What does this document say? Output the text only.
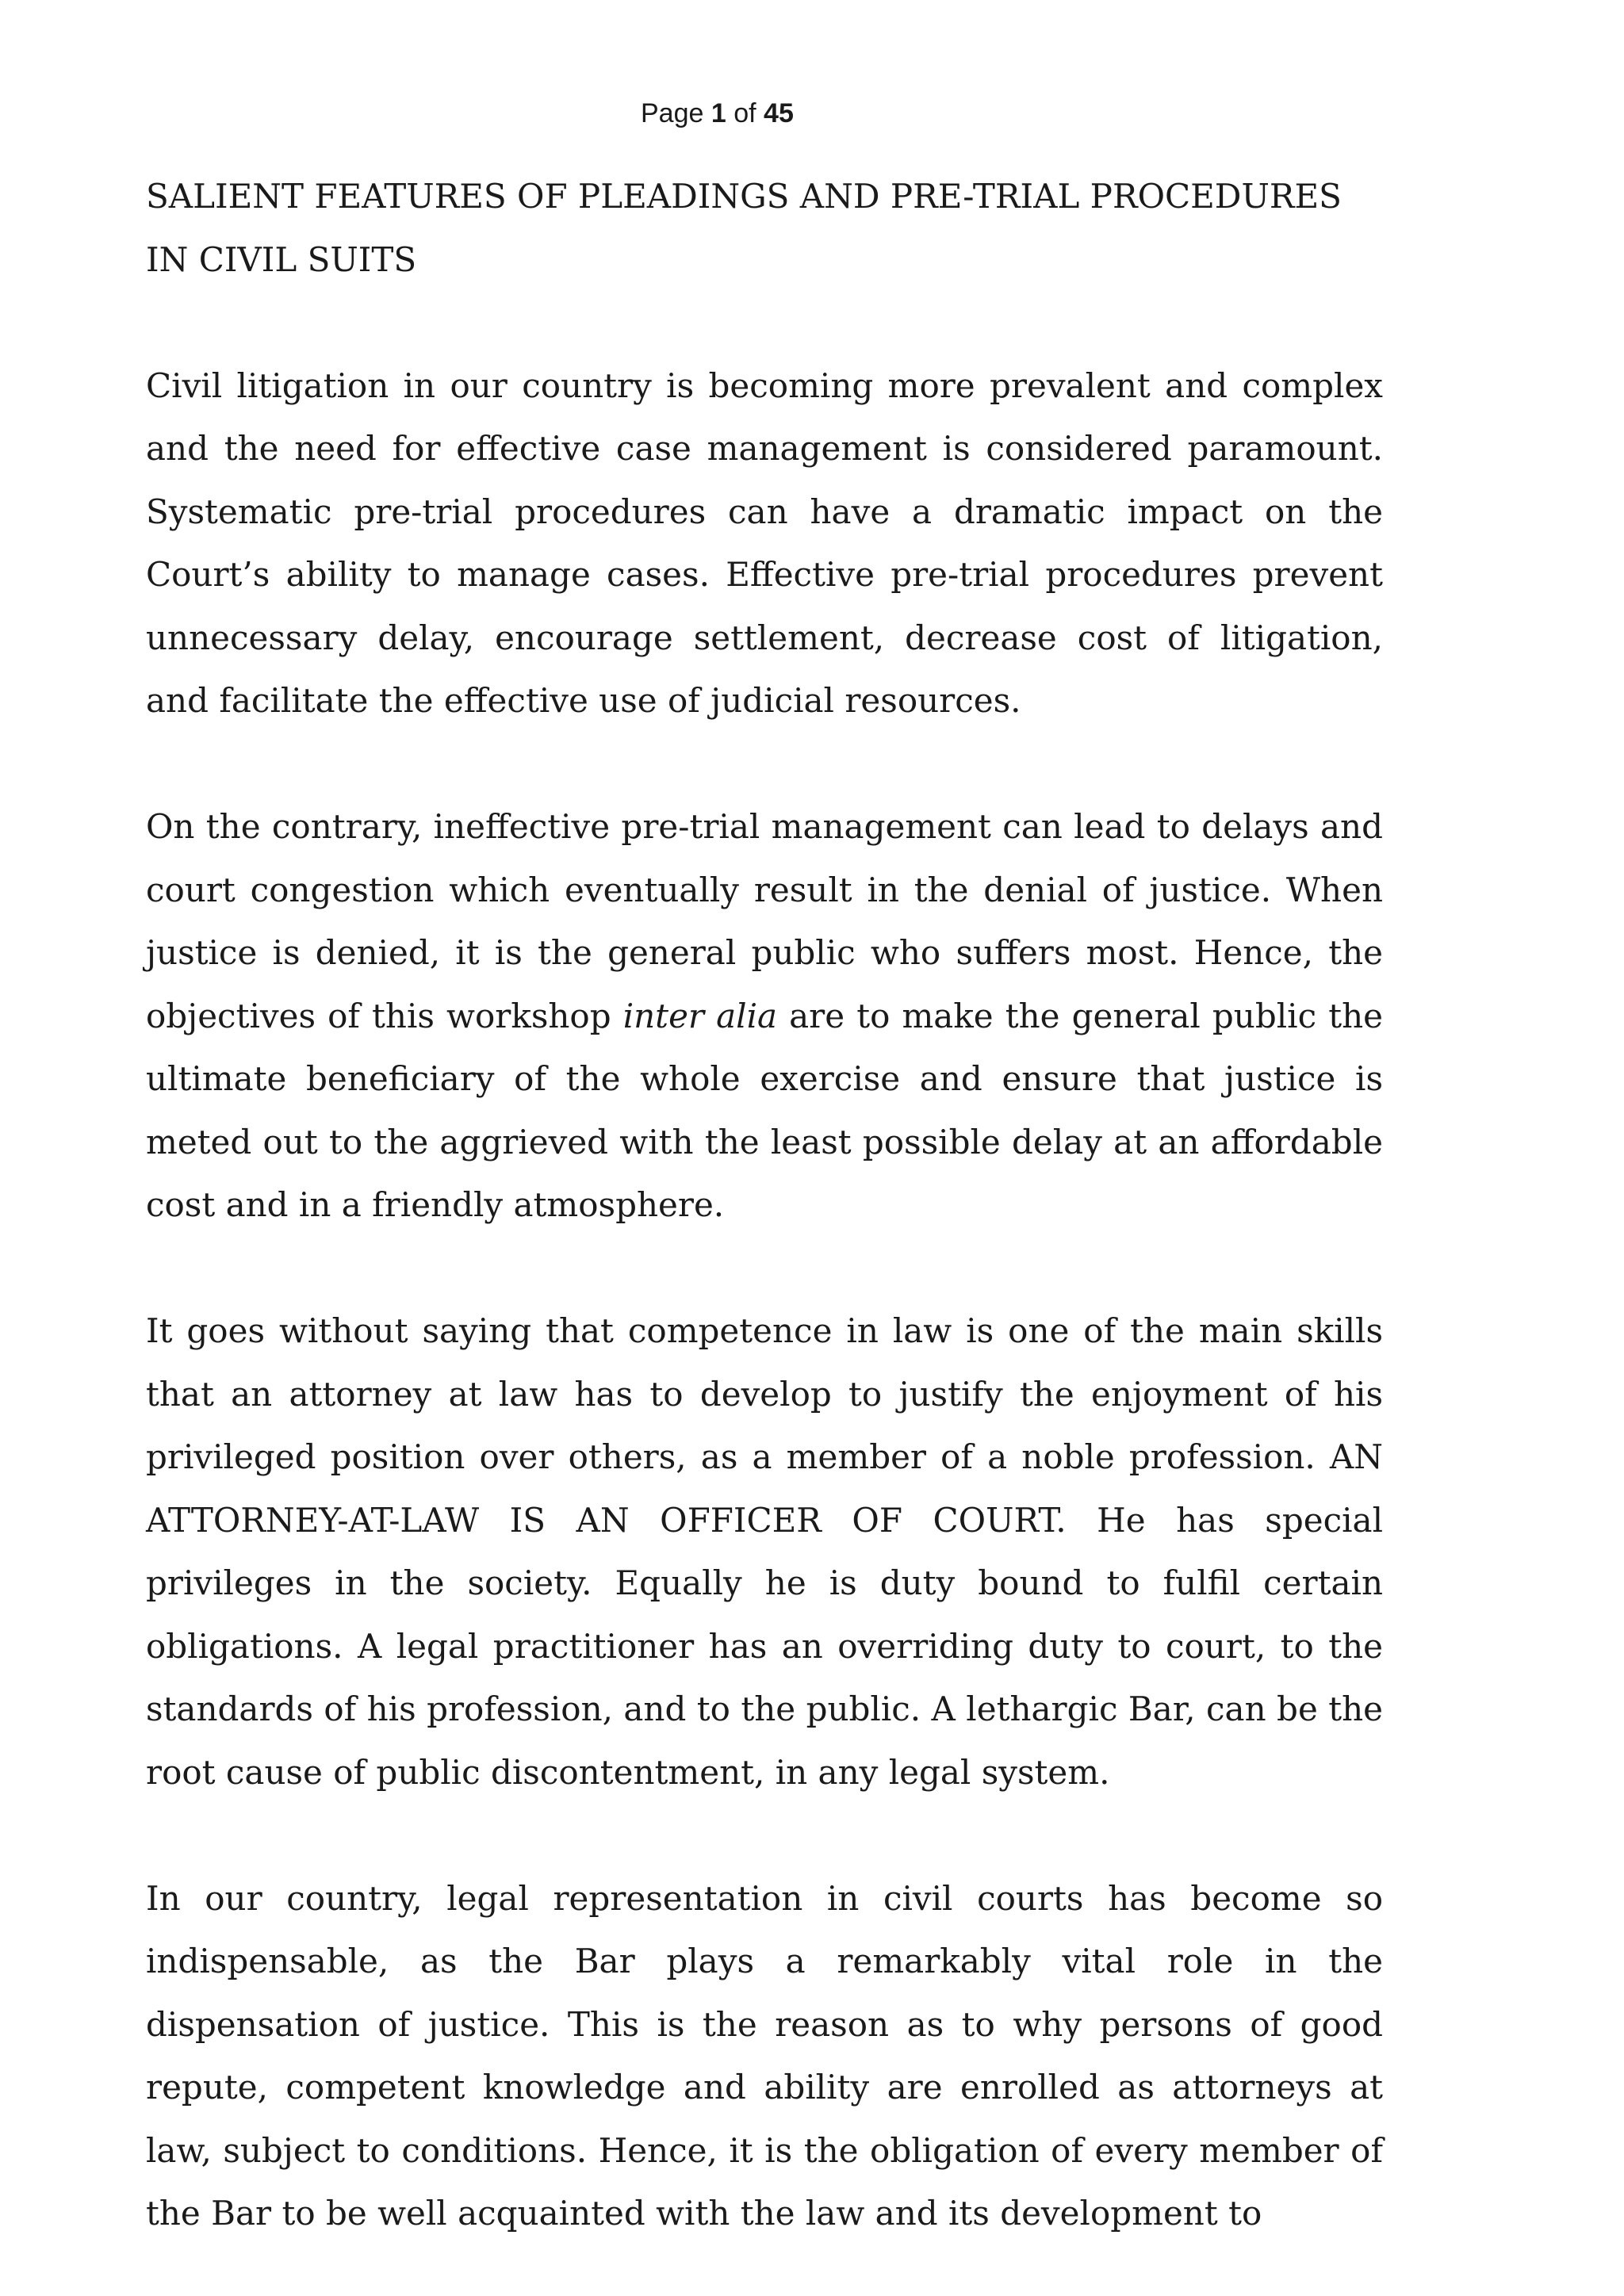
Page 1 of 45
SALIENT FEATURES OF PLEADINGS AND PRE-TRIAL PROCEDURES IN CIVIL SUITS

Civil litigation in our country is becoming more prevalent and complex and the need for effective case management is considered paramount. Systematic pre-trial procedures can have a dramatic impact on the Court’s ability to manage cases. Effective pre-trial procedures prevent unnecessary delay, encourage settlement, decrease cost of litigation, and facilitate the effective use of judicial resources.

On the contrary, ineffective pre-trial management can lead to delays and court congestion which eventually result in the denial of justice. When justice is denied, it is the general public who suffers most. Hence, the objectives of this workshop inter alia are to make the general public the ultimate beneficiary of the whole exercise and ensure that justice is meted out to the aggrieved with the least possible delay at an affordable cost and in a friendly atmosphere.

It goes without saying that competence in law is one of the main skills that an attorney at law has to develop to justify the enjoyment of his privileged position over others, as a member of a noble profession. AN ATTORNEY-AT-LAW IS AN OFFICER OF COURT. He has special privileges in the society. Equally he is duty bound to fulfil certain obligations. A legal practitioner has an overriding duty to court, to the standards of his profession, and to the public. A lethargic Bar, can be the root cause of public discontentment, in any legal system.

In our country, legal representation in civil courts has become so indispensable, as the Bar plays a remarkably vital role in the dispensation of justice. This is the reason as to why persons of good repute, competent knowledge and ability are enrolled as attorneys at law, subject to conditions. Hence, it is the obligation of every member of the Bar to be well acquainted with the law and its development to
